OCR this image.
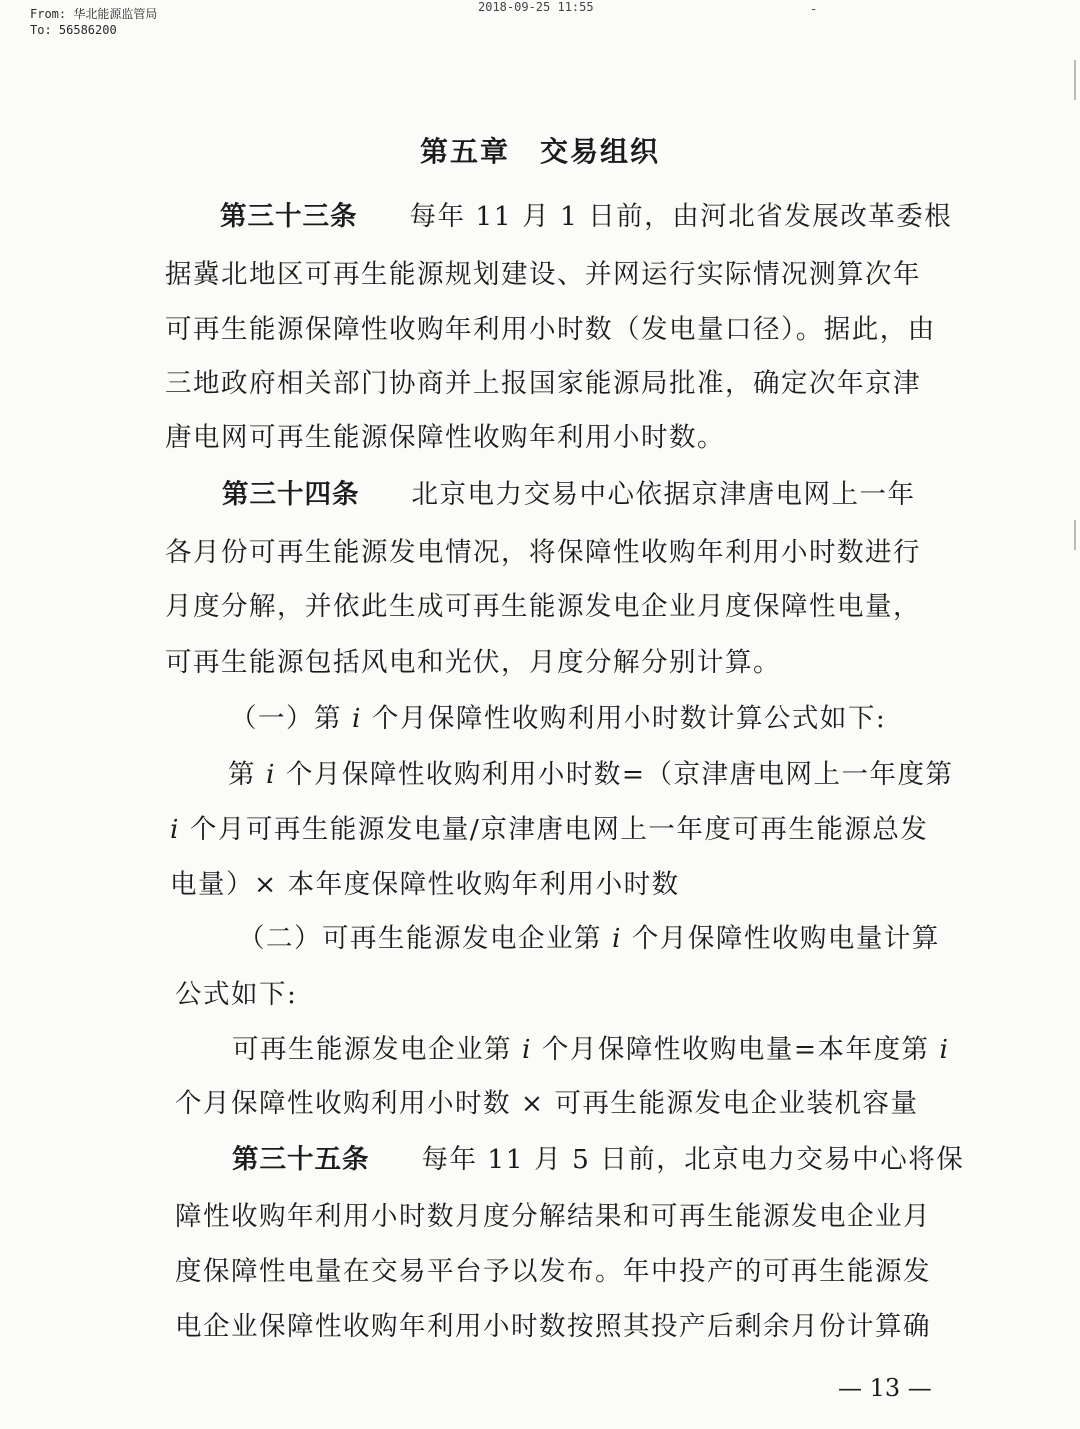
From: 华北能源监管局
To: 56586200
2018-09-25 11:55	-
第五章　交易组织
第三十三条 每年 11 月 1 日前，由河北省发展改革委根
据冀北地区可再生能源规划建设、并网运行实际情况测算次年
可再生能源保障性收购年利用小时数（发电量口径）。据此，由
三地政府相关部门协商并上报国家能源局批准，确定次年京津
唐电网可再生能源保障性收购年利用小时数。
第三十四条 北京电力交易中心依据京津唐电网上一年
各月份可再生能源发电情况，将保障性收购年利用小时数进行
月度分解，并依此生成可再生能源发电企业月度保障性电量，
可再生能源包括风电和光伏，月度分解分别计算。
（一）第 i 个月保障性收购利用小时数计算公式如下:
第 i 个月保障性收购利用小时数=（京津唐电网上一年度第
i 个月可再生能源发电量/京津唐电网上一年度可再生能源总发
电量）× 本年度保障性收购年利用小时数
（二）可再生能源发电企业第 i 个月保障性收购电量计算
公式如下:
可再生能源发电企业第 i 个月保障性收购电量=本年度第 i
个月保障性收购利用小时数 × 可再生能源发电企业装机容量
第三十五条 每年 11 月 5 日前，北京电力交易中心将保
障性收购年利用小时数月度分解结果和可再生能源发电企业月
度保障性电量在交易平台予以发布。年中投产的可再生能源发
电企业保障性收购年利用小时数按照其投产后剩余月份计算确
— 13 —
